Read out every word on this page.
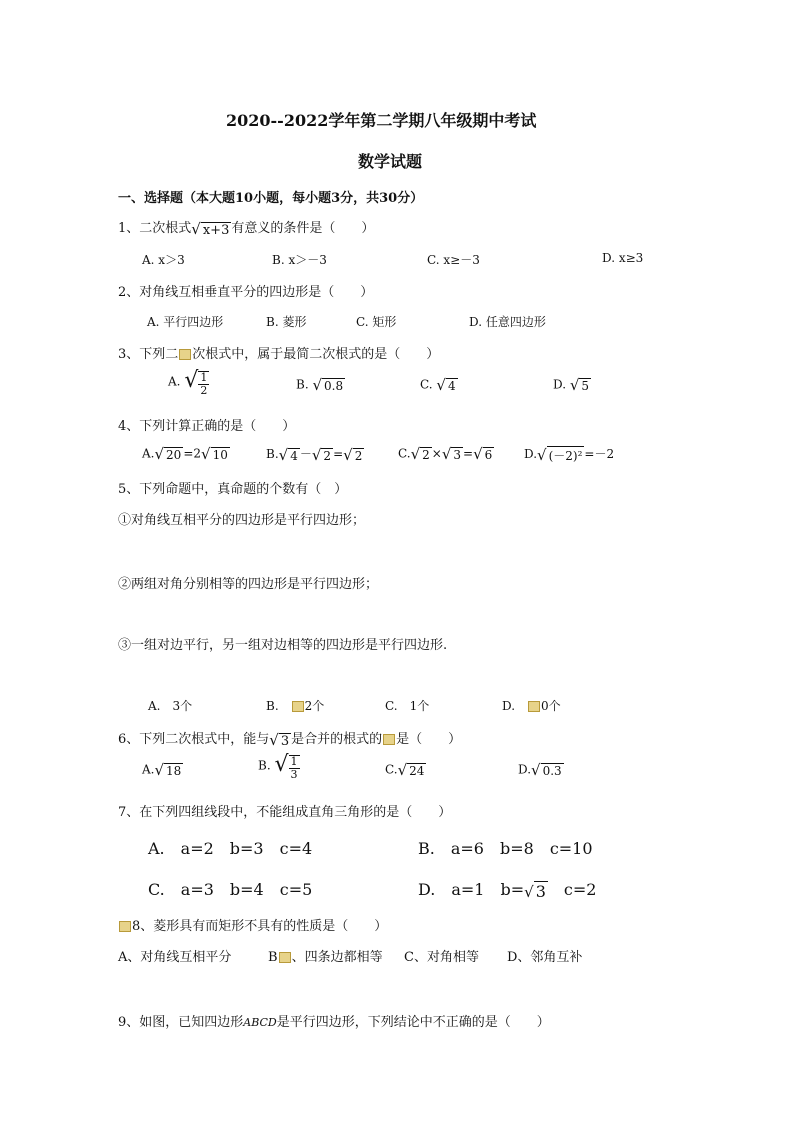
2020--2022学年第二学期八年级期中考试
数学试题
一、选择题（本大题10小题，每小题3分，共30分）
1、二次根式√ x+3 有意义的条件是（　　）
A. x＞3	B. x＞－3	C. x≥－3	D. x≥3
2、对角线互相垂直平分的四边形是（　　）
A. 平行四边形	B. 菱形	C. 矩形	D. 任意四边形
3、下列二 次根式中，属于最简二次根式的是（　　）
A. √ $\frac{1}{2}$	B. √ 0.8	C. √ 4	D. √ 5
4、下列计算正确的是（　　）
A.√ 20 =2√ 10	B.√ 4 －√ 2 =√ 2	C.√ 2 ×√ 3 =√ 6	D.√ (－2)² =－2
5、下列命题中，真命题的个数有（　）
①对角线互相平分的四边形是平行四边形；
②两组对角分别相等的四边形是平行四边形；
③一组对边平行，另一组对边相等的四边形是平行四边形.
A.　3个	B.　 2个	C.　1个	D.　 0个
6、下列二次根式中，能与√ 3 是合并的根式的 是（　　）
A.√ 18	B. √ $\frac{1}{3}$	C.√ 24	D.√ 0.3
7、在下列四组线段中，不能组成直角三角形的是（　　）
A.　 a=2　b=3　c=4	B.　 a=6　b=8　c=10
C.　 a=3　b=4　c=5	D.　 a=1　b=√ 3　c=2
8、菱形具有而矩形不具有的性质是（　　）
A、对角线互相平分	B 、四条边都相等 C、对角相等 D、邻角互补
9、如图，已知四边形ABCD是平行四边形，下列结论中不正确的是（　　）
